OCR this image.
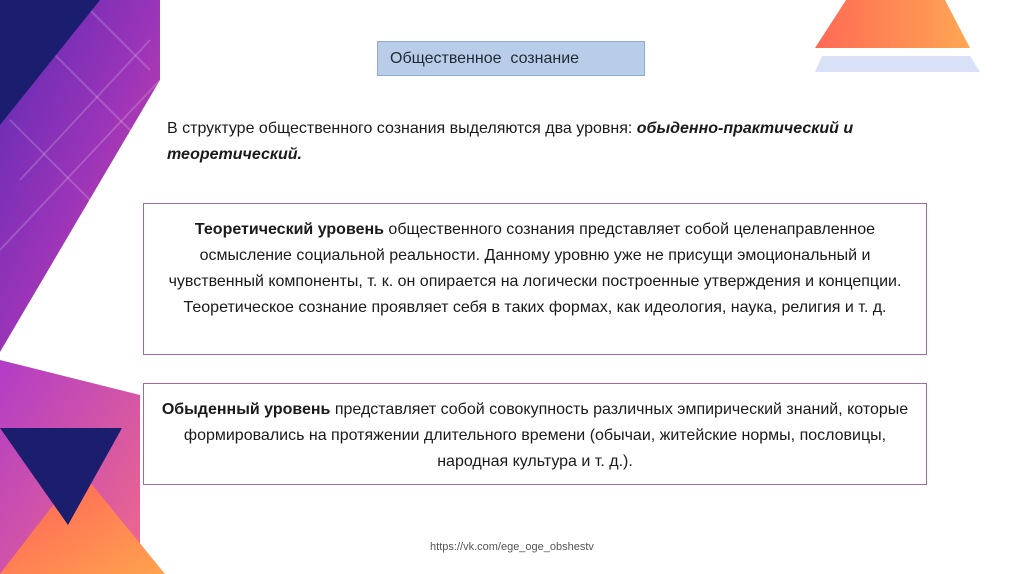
Общественное  сознание
В структуре общественного сознания выделяются два уровня: обыденно-практический и теоретический.
Теоретический уровень общественного сознания представляет собой целенаправленное осмысление социальной реальности. Данному уровню уже не присущи эмоциональный и чувственный компоненты, т. к. он опирается на логически построенные утверждения и концепции. Теоретическое сознание проявляет себя в таких формах, как идеология, наука, религия и т. д.
Обыденный уровень представляет собой совокупность различных эмпирический знаний, которые формировались на протяжении длительного времени (обычаи, житейские нормы, пословицы, народная культура и т. д.).
https://vk.com/ege_oge_obshestv
